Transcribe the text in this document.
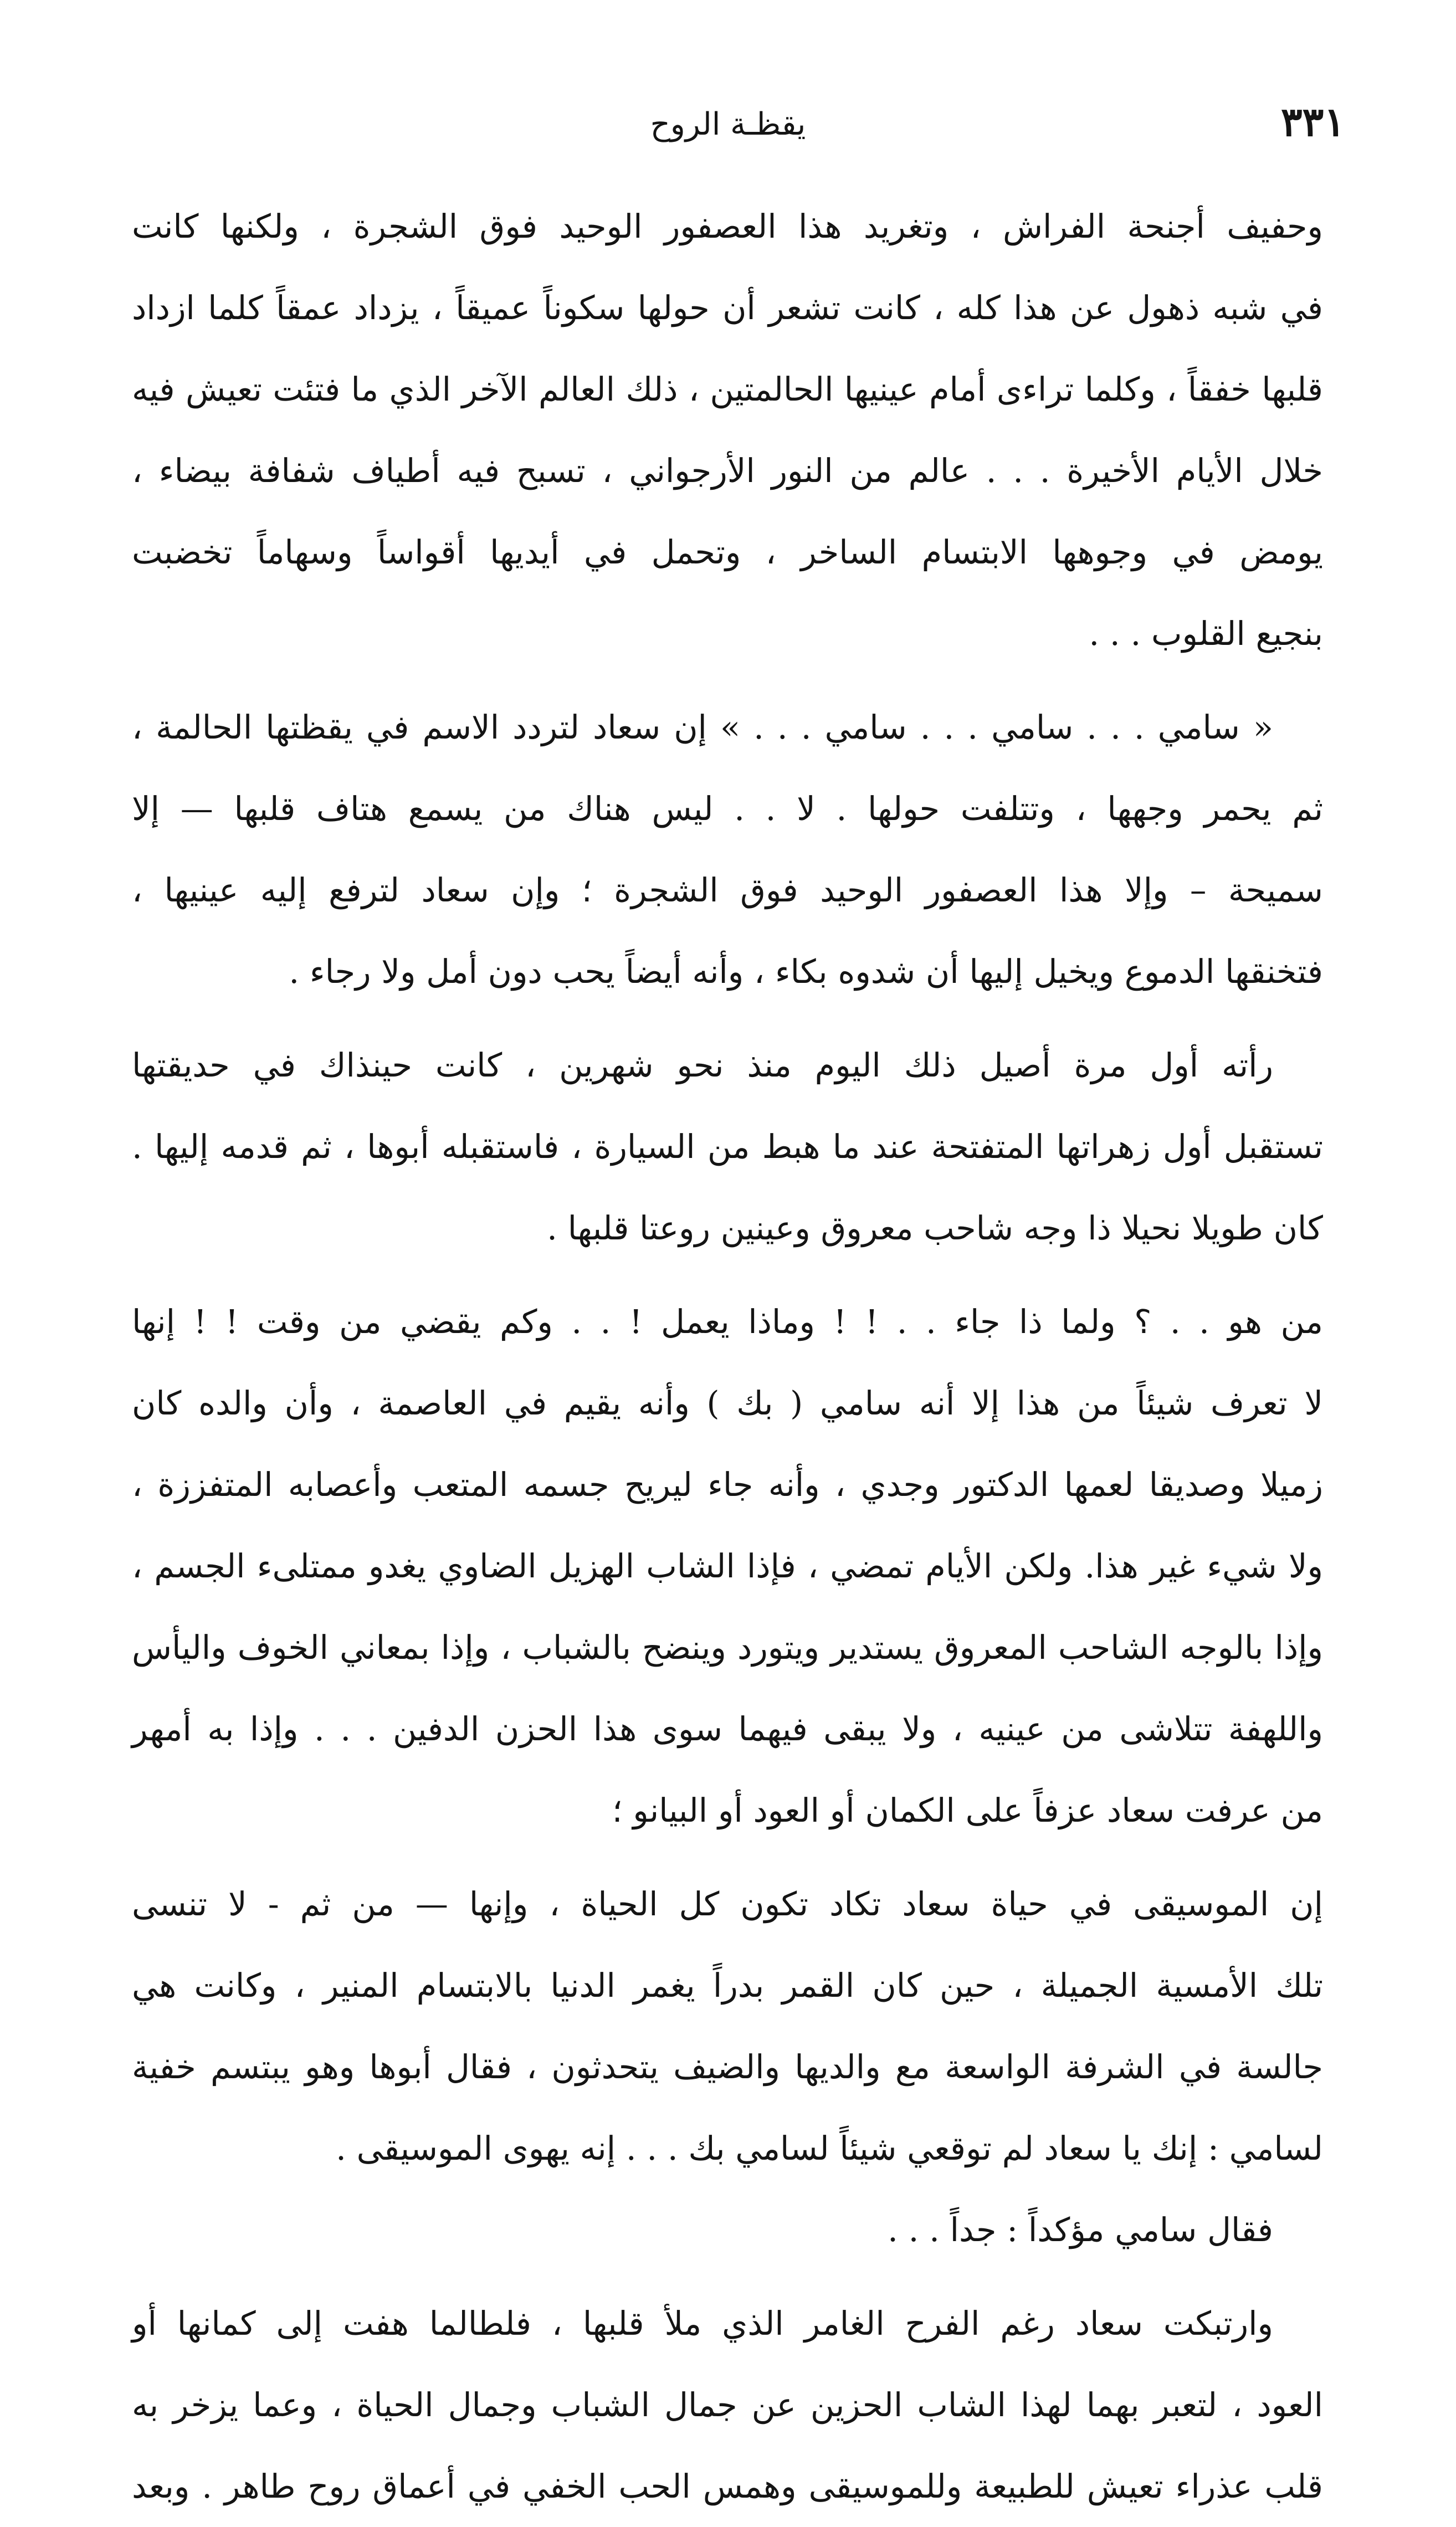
٣٣١
يقظـة الروح
وحفيف أجنحة الفراش ، وتغريد هذا العصفور الوحيد فوق الشجرة ، ولكنها كانت
في شبه ذهول عن هذا كله ، كانت تشعر أن حولها سكوناً عميقاً ، يزداد عمقاً كلما ازداد
قلبها خفقاً ، وكلما تراءى أمام عينيها الحالمتين ، ذلك العالم الآخر الذي ما فتئت تعيش فيه
خلال الأيام الأخيرة . . . عالم من النور الأرجواني ، تسبح فيه أطياف شفافة بيضاء ،
يومض في وجوهها الابتسام الساخر ، وتحمل في أيديها أقواساً وسهاماً تخضبت
بنجيع القلوب . . .
« سامي . . . سامي . . . سامي . . . » إن سعاد لتردد الاسم في يقظتها الحالمة ،
ثم يحمر وجهها ، وتتلفت حولها . لا . . ليس هناك من يسمع هتاف قلبها — إلا
سميحة – وإلا هذا العصفور الوحيد فوق الشجرة ؛ وإن سعاد لترفع إليه عينيها ،
فتخنقها الدموع ويخيل إليها أن شدوه بكاء ، وأنه أيضاً يحب دون أمل ولا رجاء .
رأته أول مرة أصيل ذلك اليوم منذ نحو شهرين ، كانت حينذاك في حديقتها
تستقبل أول زهراتها المتفتحة عند ما هبط من السيارة ، فاستقبله أبوها ، ثم قدمه إليها .
كان طويلا نحيلا ذا وجه شاحب معروق وعينين روعتا قلبها .
من هو . . ؟ ولما ذا جاء . . ! ! وماذا يعمل ! . . وكم يقضي من وقت ! ! إنها
لا تعرف شيئاً من هذا إلا أنه سامي ( بك ) وأنه يقيم في العاصمة ، وأن والده كان
زميلا وصديقا لعمها الدكتور وجدي ، وأنه جاء ليريح جسمه المتعب وأعصابه المتفززة ،
ولا شيء غير هذا. ولكن الأيام تمضي ، فإذا الشاب الهزيل الضاوي يغدو ممتلىء الجسم ،
وإذا بالوجه الشاحب المعروق يستدير ويتورد وينضح بالشباب ، وإذا بمعاني الخوف واليأس
واللهفة تتلاشى من عينيه ، ولا يبقى فيهما سوى هذا الحزن الدفين . . . وإذا به أمهر
من عرفت سعاد عزفاً على الكمان أو العود أو البيانو ؛
إن الموسيقى في حياة سعاد تكاد تكون كل الحياة ، وإنها — من ثم - لا تنسى
تلك الأمسية الجميلة ، حين كان القمر بدراً يغمر الدنيا بالابتسام المنير ، وكانت هي
جالسة في الشرفة الواسعة مع والديها والضيف يتحدثون ، فقال أبوها وهو يبتسم خفية
لسامي : إنك يا سعاد لم توقعي شيئاً لسامي بك . . . إنه يهوى الموسيقى .
فقال سامي مؤكداً : جداً . . .
وارتبكت سعاد رغم الفرح الغامر الذي ملأ قلبها ، فلطالما هفت إلى كمانها أو
العود ، لتعبر بهما لهذا الشاب الحزين عن جمال الشباب وجمال الحياة ، وعما يزخر به
قلب عذراء تعيش للطبيعة وللموسيقى وهمس الحب الخفي في أعماق روح طاهر . وبعد
